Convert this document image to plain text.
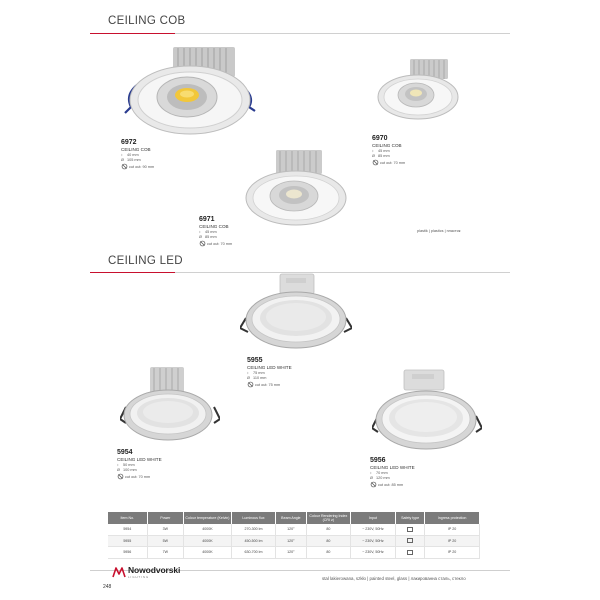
CEILING COB
6972
CEILING COB
↕ 40 mm
Ø 105 mm
cut out: 90 mm
6970
CEILING COB
↕ 45 mm
Ø 85 mm
cut out: 70 mm
6971
CEILING COB
↕ 45 mm
Ø 85 mm
cut out: 70 mm
plastik | plastics | пластик
CEILING LED
5955
CEILING LED WHITE
↕ 75 mm
Ø 110 mm
cut out: 75 mm
5954
CEILING LED WHITE
↕ 50 mm
Ø 100 mm
cut out: 70 mm
5956
CEILING LED WHITE
↕ 70 mm
Ø 120 mm
cut out: 85 mm
Item No.	Power	Colour temperature (Kelvin)	Luminous flux	Beam Angle	Colour Rendering Index (CRI ≥)	Input	Safety type	Ingress protection
5954	3W	4000K	270-300 lm	120°	80	~ 230V, 50Hz		IP 20
5955	5W	4000K	450-500 lm	120°	80	~ 230V, 50Hz		IP 20
5956	7W	4000K	630-700 lm	120°	80	~ 230V, 50Hz		IP 20
Nowodvorski
LIGHTING	stal lakierowana, szkło | painted steel, glass | лакированна сталь, стекло
248
